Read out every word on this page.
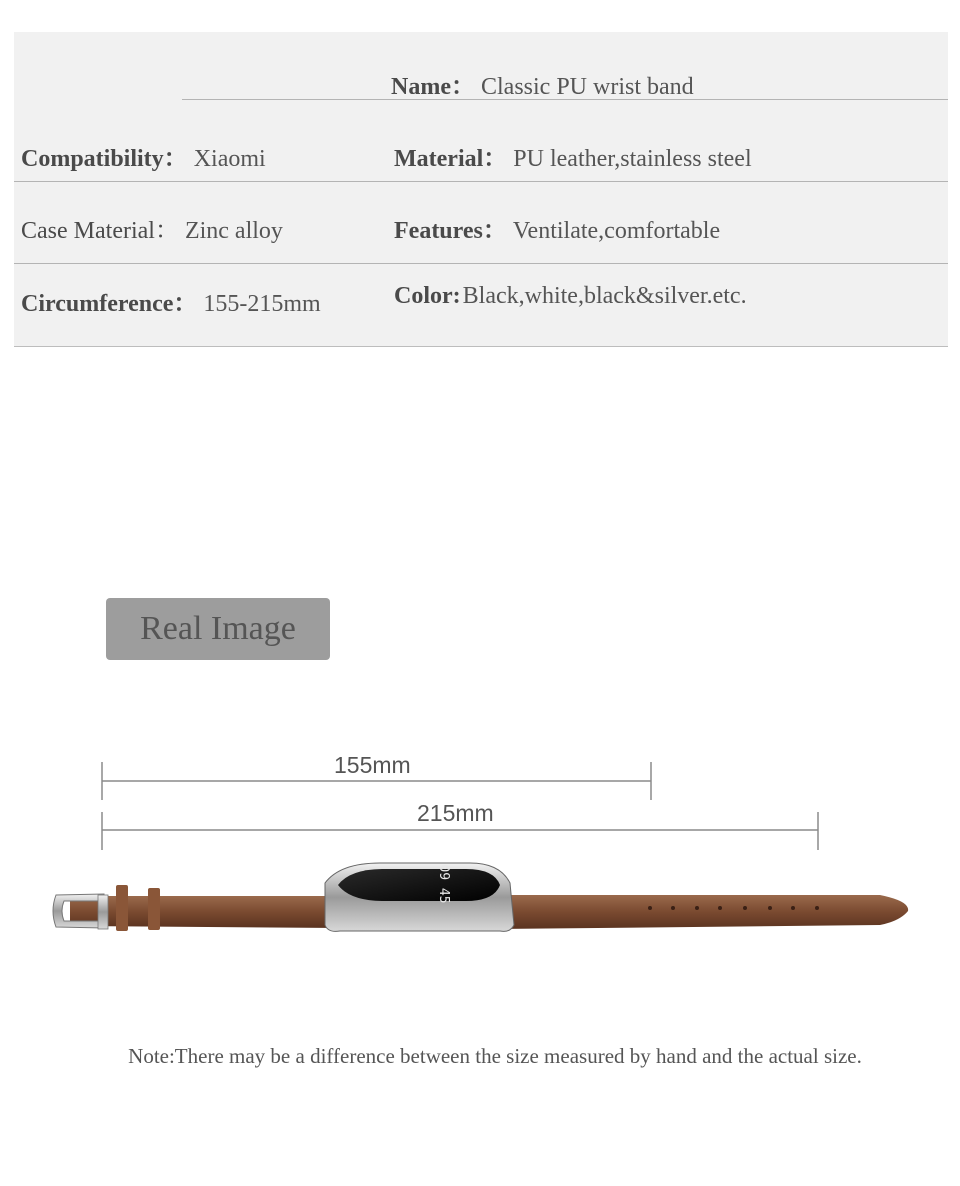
Name： Classic PU wrist band
Compatibility： Xiaomi	Material： PU leather,stainless steel
Case Material： Zinc alloy	Features： Ventilate,comfortable
Circumference： 155-215mm	Color:Black,white,black&silver.etc.
Real Image
155mm
215mm
09 45
Note:There may be a difference between the size measured by hand and the actual size.
